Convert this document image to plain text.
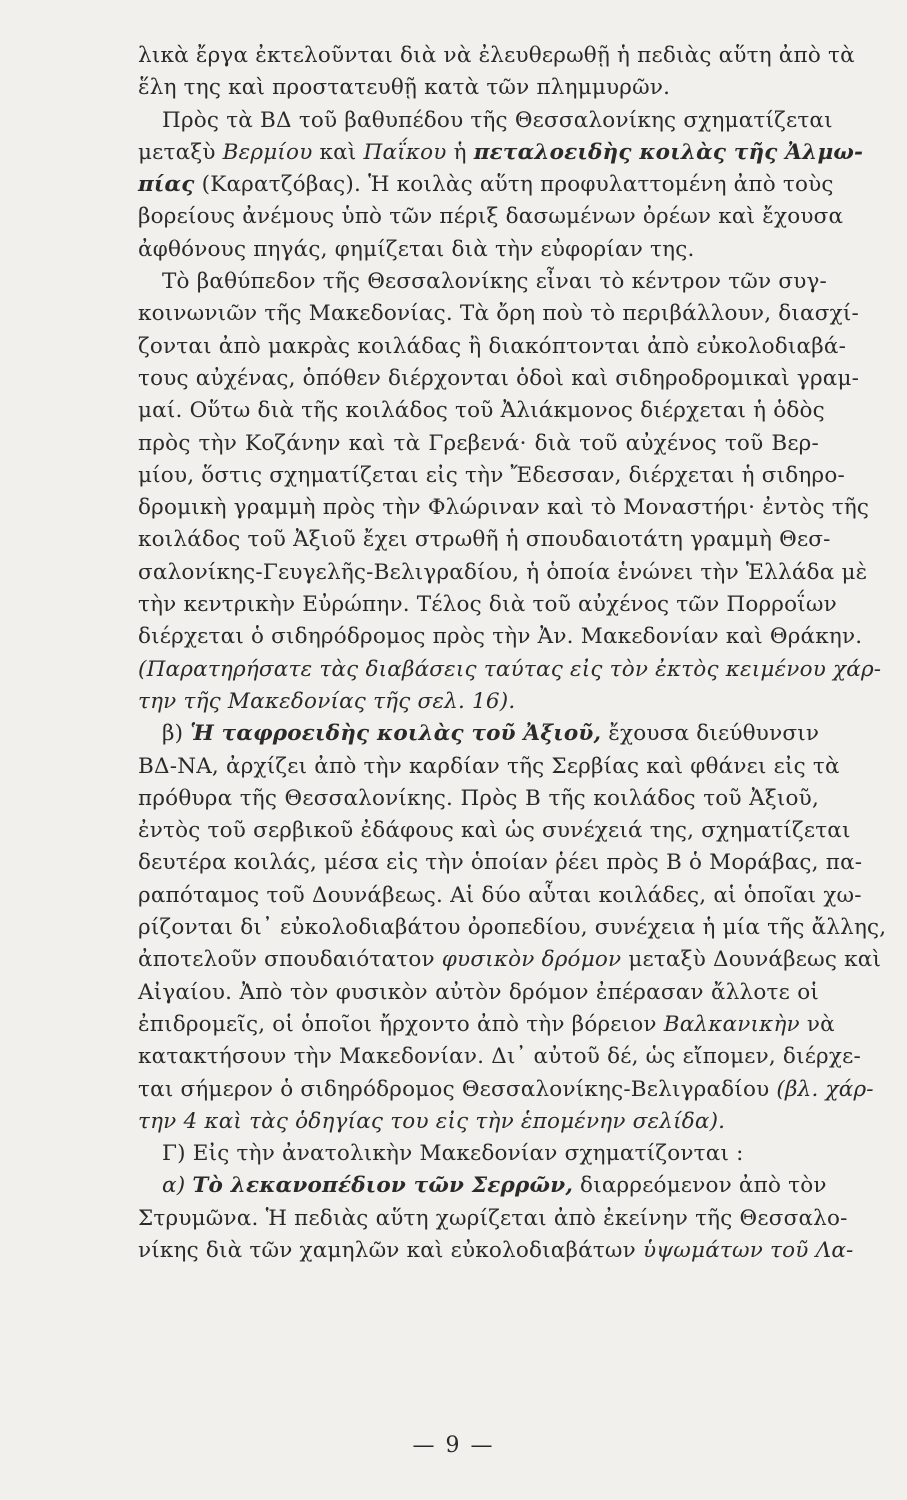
λικὰ ἔργα ἐκτελοῦνται διὰ νὰ ἐλευθερωθῇ ἡ πεδιὰς αὕτη ἀπὸ τὰ
ἕλη της καὶ προστατευθῇ κατὰ τῶν πλημμυρῶν.
Πρὸς τὰ ΒΔ τοῦ βαθυπέδου τῆς Θεσσαλονίκης σχηματίζεται
μεταξὺ Βερμίου καὶ Παΐκου ἡ πεταλοειδὴς κοιλὰς τῆς Ἀλμω-
πίας (Καρατζόβας). Ἡ κοιλὰς αὕτη προφυλαττομένη ἀπὸ τοὺς
βορείους ἀνέμους ὑπὸ τῶν πέριξ δασωμένων ὀρέων καὶ ἔχουσα
ἀφθόνους πηγάς, φημίζεται διὰ τὴν εὐφορίαν της.
Τὸ βαθύπεδον τῆς Θεσσαλονίκης εἶναι τὸ κέντρον τῶν συγ-
κοινωνιῶν τῆς Μακεδονίας. Τὰ ὄρη ποὺ τὸ περιβάλλουν, διασχί-
ζονται ἀπὸ μακρὰς κοιλάδας ἢ διακόπτονται ἀπὸ εὐκολοδιαβά-
τους αὐχένας, ὁπόθεν διέρχονται ὁδοὶ καὶ σιδηροδρομικαὶ γραμ-
μαί. Οὕτω διὰ τῆς κοιλάδος τοῦ Ἀλιάκμονος διέρχεται ἡ ὁδὸς
πρὸς τὴν Κοζάνην καὶ τὰ Γρεβενά· διὰ τοῦ αὐχένος τοῦ Βερ-
μίου, ὅστις σχηματίζεται εἰς τὴν Ἔδεσσαν, διέρχεται ἡ σιδηρο-
δρομικὴ γραμμὴ πρὸς τὴν Φλώριναν καὶ τὸ Μοναστήρι· ἐντὸς τῆς
κοιλάδος τοῦ Ἀξιοῦ ἔχει στρωθῆ ἡ σπουδαιοτάτη γραμμὴ Θεσ-
σαλονίκης-Γευγελῆς-Βελιγραδίου, ἡ ὁποία ἑνώνει τὴν Ἑλλάδα μὲ
τὴν κεντρικὴν Εὐρώπην. Τέλος διὰ τοῦ αὐχένος τῶν Πορροΐων
διέρχεται ὁ σιδηρόδρομος πρὸς τὴν Ἀν. Μακεδονίαν καὶ Θράκην.
(Παρατηρήσατε τὰς διαβάσεις ταύτας εἰς τὸν ἐκτὸς κειμένου χάρ-
την τῆς Μακεδονίας τῆς σελ. 16).
β) Ἡ ταφροειδὴς κοιλὰς τοῦ Ἀξιοῦ, ἔχουσα διεύθυνσιν
ΒΔ-ΝΑ, ἀρχίζει ἀπὸ τὴν καρδίαν τῆς Σερβίας καὶ φθάνει εἰς τὰ
πρόθυρα τῆς Θεσσαλονίκης. Πρὸς Β τῆς κοιλάδος τοῦ Ἀξιοῦ,
ἐντὸς τοῦ σερβικοῦ ἐδάφους καὶ ὡς συνέχειά της, σχηματίζεται
δευτέρα κοιλάς, μέσα εἰς τὴν ὁποίαν ῥέει πρὸς Β ὁ Μοράβας, πα-
ραπόταμος τοῦ Δουνάβεως. Αἱ δύο αὗται κοιλάδες, αἱ ὁποῖαι χω-
ρίζονται δι᾽ εὐκολοδιαβάτου ὀροπεδίου, συνέχεια ἡ μία τῆς ἄλλης,
ἀποτελοῦν σπουδαιότατον φυσικὸν δρόμον μεταξὺ Δουνάβεως καὶ
Αἰγαίου. Ἀπὸ τὸν φυσικὸν αὐτὸν δρόμον ἐπέρασαν ἄλλοτε οἱ
ἐπιδρομεῖς, οἱ ὁποῖοι ἤρχοντο ἀπὸ τὴν βόρειον Βαλκανικὴν νὰ
κατακτήσουν τὴν Μακεδονίαν. Δι᾽ αὐτοῦ δέ, ὡς εἴπομεν, διέρχε-
ται σήμερον ὁ σιδηρόδρομος Θεσσαλονίκης-Βελιγραδίου (βλ. χάρ-
την 4 καὶ τὰς ὁδηγίας του εἰς τὴν ἑπομένην σελίδα).
Γ) Εἰς τὴν ἀνατολικὴν Μακεδονίαν σχηματίζονται :
α) Τὸ λεκανοπέδιον τῶν Σερρῶν, διαρρεόμενον ἀπὸ τὸν
Στρυμῶνα. Ἡ πεδιὰς αὕτη χωρίζεται ἀπὸ ἐκείνην τῆς Θεσσαλο-
νίκης διὰ τῶν χαμηλῶν καὶ εὐκολοδιαβάτων ὑψωμάτων τοῦ Λα-
— 9 —
